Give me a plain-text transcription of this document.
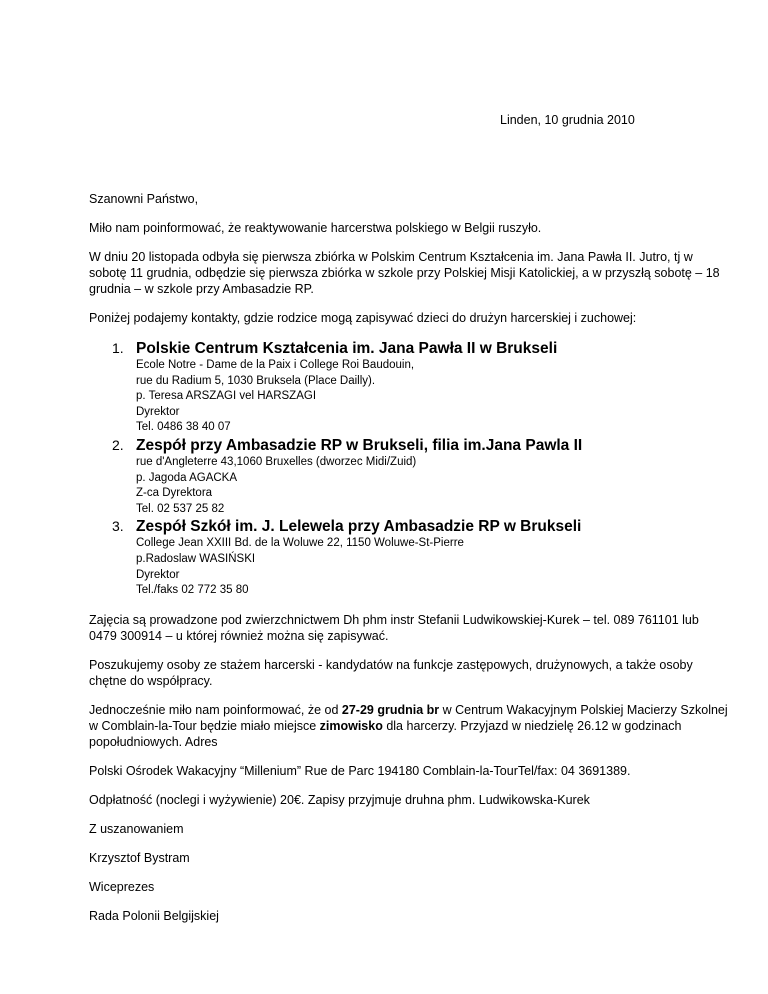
Linden, 10 grudnia 2010

Szanowni Państwo,

Miło nam poinformować, że reaktywowanie harcerstwa polskiego w Belgii ruszyło.

W dniu 20 listopada odbyła się pierwsza zbiórka w Polskim Centrum Kształcenia im. Jana Pawła II. Jutro, tj w sobotę 11 grudnia, odbędzie się pierwsza zbiórka w szkole przy Polskiej Misji Katolickiej, a w przyszłą sobotę – 18 grudnia – w szkole przy Ambasadzie RP.

Poniżej podajemy kontakty, gdzie rodzice mogą zapisywać dzieci do drużyn harcerskiej i zuchowej:

1. Polskie Centrum Kształcenia im. Jana Pawła II w Brukseli
Ecole Notre - Dame de la Paix i College Roi Baudouin,
rue du Radium 5, 1030 Bruksela (Place Dailly).
p. Teresa ARSZAGI vel HARSZAGI
Dyrektor
Tel. 0486 38 40 07
2. Zespół przy Ambasadzie RP w Brukseli, filia im.Jana Pawla II
rue d'Angleterre 43,1060 Bruxelles (dworzec Midi/Zuid)
p. Jagoda AGACKA
Z-ca Dyrektora
Tel. 02 537 25 82
3. Zespół Szkół im. J. Lelewela przy Ambasadzie RP w Brukseli
College Jean XXIII Bd. de la Woluwe 22, 1150 Woluwe-St-Pierre
p.Radoslaw WASIŃSKI
Dyrektor
Tel./faks 02 772 35 80

Zajęcia są prowadzone pod zwierzchnictwem Dh phm instr Stefanii Ludwikowskiej-Kurek – tel. 089 761101 lub 0479 300914 – u której również można się zapisywać.

Poszukujemy osoby ze stażem harcerski - kandydatów na funkcje zastępowych, drużynowych, a także osoby chętne do współpracy.

Jednocześnie miło nam poinformować, że od 27-29 grudnia br w Centrum Wakacyjnym Polskiej Macierzy Szkolnej w Comblain-la-Tour będzie miało miejsce zimowisko dla harcerzy. Przyjazd w niedzielę 26.12 w godzinach popołudniowych. Adres

Polski Ośrodek Wakacyjny “Millenium” Rue de Parc 194180 Comblain-la-TourTel/fax: 04 3691389.

Odpłatność (noclegi i wyżywienie) 20€. Zapisy przyjmuje druhna phm. Ludwikowska-Kurek

Z uszanowaniem

Krzysztof Bystram

Wiceprezes

Rada Polonii Belgijskiej
